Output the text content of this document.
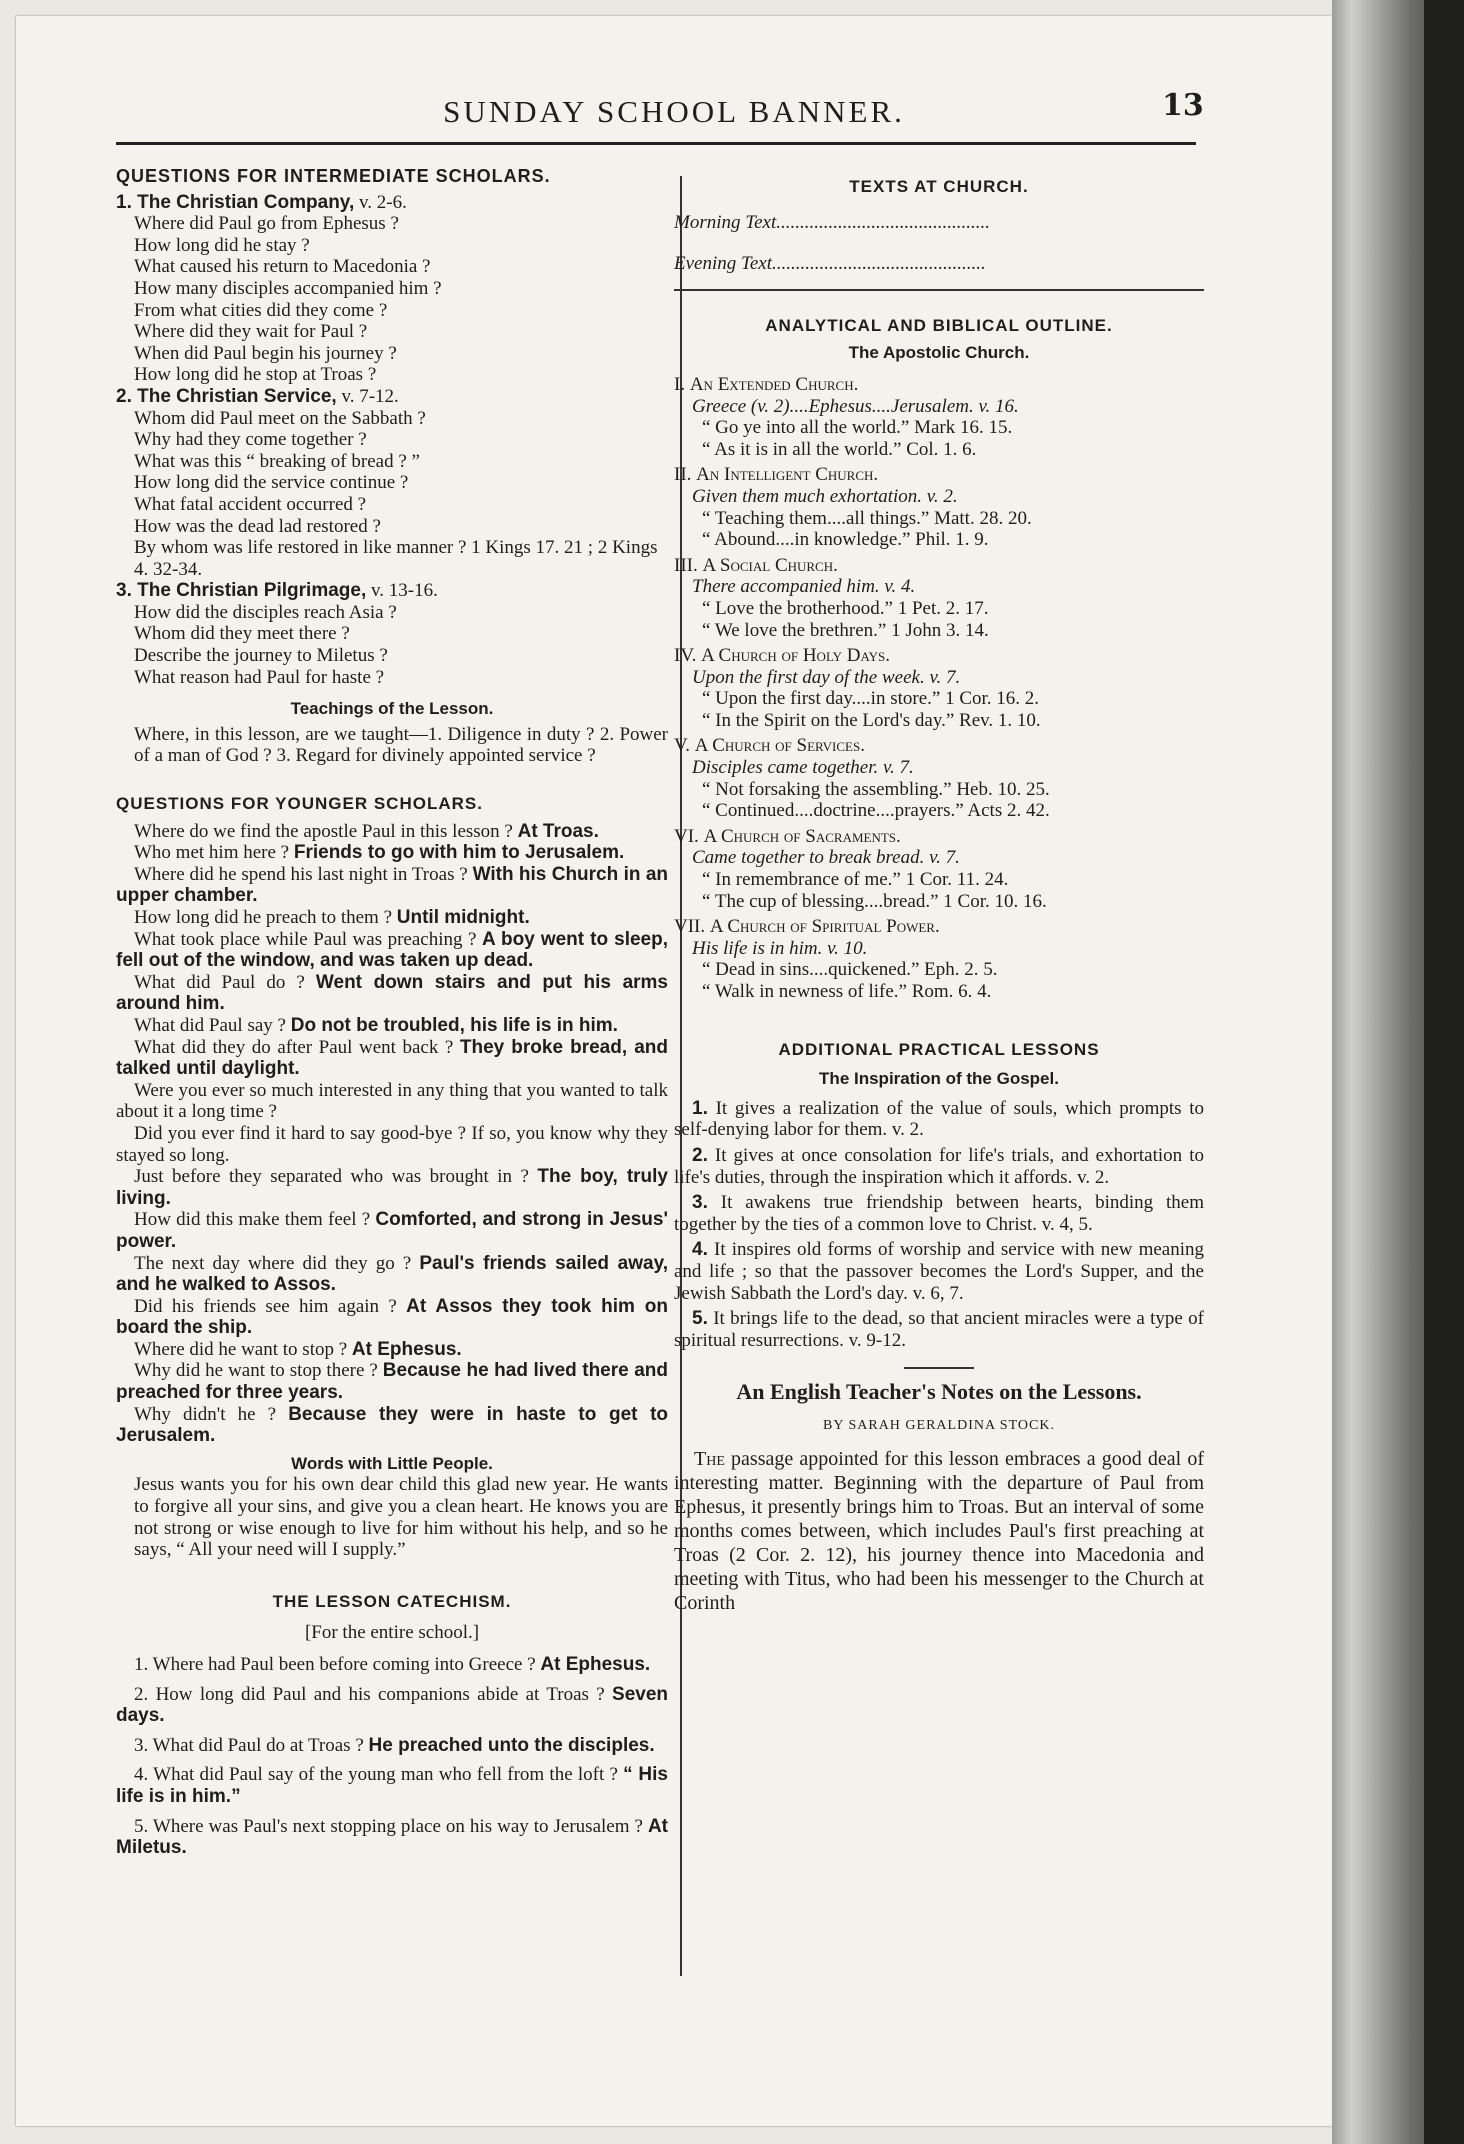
SUNDAY SCHOOL BANNER.	13

QUESTIONS FOR INTERMEDIATE SCHOLARS.

1. The Christian Company, v. 2-6.

Where did Paul go from Ephesus ?

How long did he stay ?

What caused his return to Macedonia ?

How many disciples accompanied him ?

From what cities did they come ?

Where did they wait for Paul ?

When did Paul begin his journey ?

How long did he stop at Troas ?

2. The Christian Service, v. 7-12.

Whom did Paul meet on the Sabbath ?

Why had they come together ?

What was this “ breaking of bread ? ”

How long did the service continue ?

What fatal accident occurred ?

How was the dead lad restored ?

By whom was life restored in like manner ? 1 Kings 17. 21 ; 2 Kings 4. 32-34.

3. The Christian Pilgrimage, v. 13-16.

How did the disciples reach Asia ?

Whom did they meet there ?

Describe the journey to Miletus ?

What reason had Paul for haste ?

Teachings of the Lesson.

Where, in this lesson, are we taught—1. Diligence in duty ? 2. Power of a man of God ? 3. Regard for divinely appointed service ?

QUESTIONS FOR YOUNGER SCHOLARS.

Where do we find the apostle Paul in this lesson ? At Troas.

Who met him here ? Friends to go with him to Jerusalem.

Where did he spend his last night in Troas ? With his Church in an upper chamber.

How long did he preach to them ? Until midnight.

What took place while Paul was preaching ? A boy went to sleep, fell out of the window, and was taken up dead.

What did Paul do ? Went down stairs and put his arms around him.

What did Paul say ? Do not be troubled, his life is in him.

What did they do after Paul went back ? They broke bread, and talked until daylight.

Were you ever so much interested in any thing that you wanted to talk about it a long time ?

Did you ever find it hard to say good-bye ? If so, you know why they stayed so long.

Just before they separated who was brought in ? The boy, truly living.

How did this make them feel ? Comforted, and strong in Jesus' power.

The next day where did they go ? Paul's friends sailed away, and he walked to Assos.

Did his friends see him again ? At Assos they took him on board the ship.

Where did he want to stop ? At Ephesus.

Why did he want to stop there ? Because he had lived there and preached for three years.

Why didn't he ? Because they were in haste to get to Jerusalem.

Words with Little People.

Jesus wants you for his own dear child this glad new year. He wants to forgive all your sins, and give you a clean heart. He knows you are not strong or wise enough to live for him without his help, and so he says, “ All your need will I supply.”

THE LESSON CATECHISM.

[For the entire school.]

1. Where had Paul been before coming into Greece ? At Ephesus.

2. How long did Paul and his companions abide at Troas ? Seven days.

3. What did Paul do at Troas ? He preached unto the disciples.

4. What did Paul say of the young man who fell from the loft ? “ His life is in him.”

5. Where was Paul's next stopping place on his way to Jerusalem ? At Miletus.

TEXTS AT CHURCH.

Morning Text.............................................

Evening Text.............................................

ANALYTICAL AND BIBLICAL OUTLINE.

The Apostolic Church.

I. An Extended Church.

Greece (v. 2)....Ephesus....Jerusalem. v. 16.

“ Go ye into all the world.” Mark 16. 15.

“ As it is in all the world.” Col. 1. 6.

II. An Intelligent Church.

Given them much exhortation. v. 2.

“ Teaching them....all things.” Matt. 28. 20.

“ Abound....in knowledge.” Phil. 1. 9.

III. A Social Church.

There accompanied him. v. 4.

“ Love the brotherhood.” 1 Pet. 2. 17.

“ We love the brethren.” 1 John 3. 14.

IV. A Church of Holy Days.

Upon the first day of the week. v. 7.

“ Upon the first day....in store.” 1 Cor. 16. 2.

“ In the Spirit on the Lord's day.” Rev. 1. 10.

V. A Church of Services.

Disciples came together. v. 7.

“ Not forsaking the assembling.” Heb. 10. 25.

“ Continued....doctrine....prayers.” Acts 2. 42.

VI. A Church of Sacraments.

Came together to break bread. v. 7.

“ In remembrance of me.” 1 Cor. 11. 24.

“ The cup of blessing....bread.” 1 Cor. 10. 16.

VII. A Church of Spiritual Power.

His life is in him. v. 10.

“ Dead in sins....quickened.” Eph. 2. 5.

“ Walk in newness of life.” Rom. 6. 4.

ADDITIONAL PRACTICAL LESSONS

The Inspiration of the Gospel.

1. It gives a realization of the value of souls, which prompts to self-denying labor for them. v. 2.

2. It gives at once consolation for life's trials, and exhortation to life's duties, through the inspiration which it affords. v. 2.

3. It awakens true friendship between hearts, binding them together by the ties of a common love to Christ. v. 4, 5.

4. It inspires old forms of worship and service with new meaning and life ; so that the passover becomes the Lord's Supper, and the Jewish Sabbath the Lord's day. v. 6, 7.

5. It brings life to the dead, so that ancient miracles were a type of spiritual resurrections. v. 9-12.

An English Teacher's Notes on the Lessons.

BY SARAH GERALDINA STOCK.

The passage appointed for this lesson embraces a good deal of interesting matter. Beginning with the departure of Paul from Ephesus, it presently brings him to Troas. But an interval of some months comes between, which includes Paul's first preaching at Troas (2 Cor. 2. 12), his journey thence into Macedonia and meeting with Titus, who had been his messenger to the Church at Corinth
